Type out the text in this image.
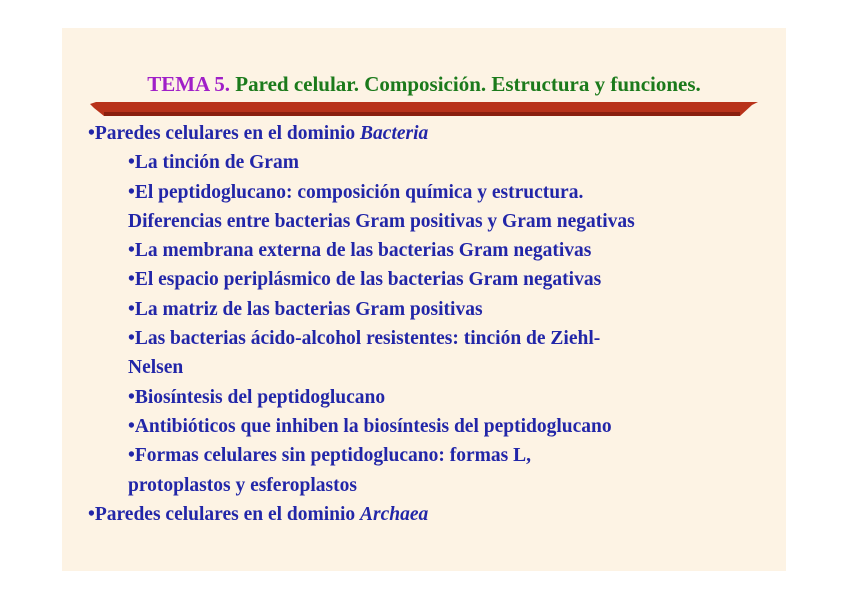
TEMA 5. Pared celular. Composición. Estructura y funciones.
•Paredes celulares en el dominio Bacteria
•La tinción de Gram
•El peptidoglucano: composición química y estructura.
Diferencias entre bacterias Gram positivas y Gram negativas
•La membrana externa de las bacterias Gram negativas
•El espacio periplásmico de las bacterias Gram negativas
•La matriz de las bacterias Gram positivas
•Las bacterias ácido-alcohol resistentes: tinción de Ziehl-
Nelsen
•Biosíntesis del peptidoglucano
•Antibióticos que inhiben la biosíntesis del peptidoglucano
•Formas celulares sin peptidoglucano: formas L,
protoplastos y esferoplastos
•Paredes celulares en el dominio Archaea
